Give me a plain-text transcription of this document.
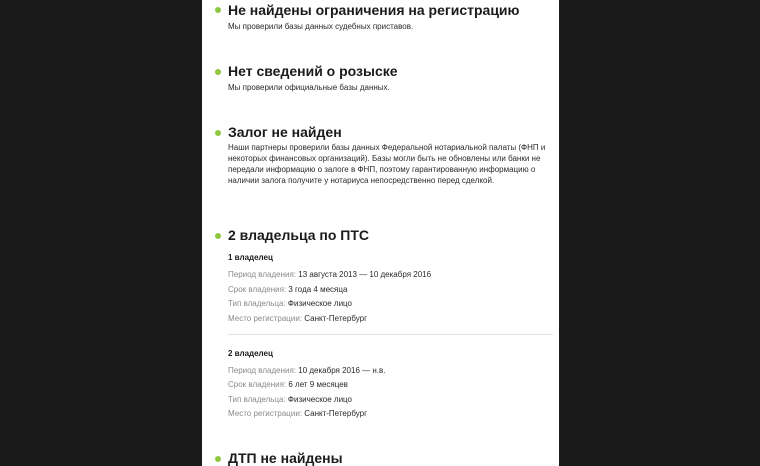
Не найдены ограничения на регистрацию
Мы проверили базы данных судебных приставов.
Нет сведений о розыске
Мы проверили официальные базы данных.
Залог не найден
Наши партнеры проверили базы данных Федеральной нотариальной палаты (ФНП и некоторых финансовых организаций). Базы могли быть не обновлены или банки не передали информацию о залоге в ФНП, поэтому гарантированную информацию о наличии залога получите у нотариуса непосредственно перед сделкой.
2 владельца по ПТС
1 владелец
Период владения: 13 августа 2013 — 10 декабря 2016
Срок владения: 3 года 4 месяца
Тип владельца: Физическое лицо
Место регистрации: Санкт-Петербург
2 владелец
Период владения: 10 декабря 2016 — н.в.
Срок владения: 6 лет 9 месяцев
Тип владельца: Физическое лицо
Место регистрации: Санкт-Петербург
ДТП не найдены
